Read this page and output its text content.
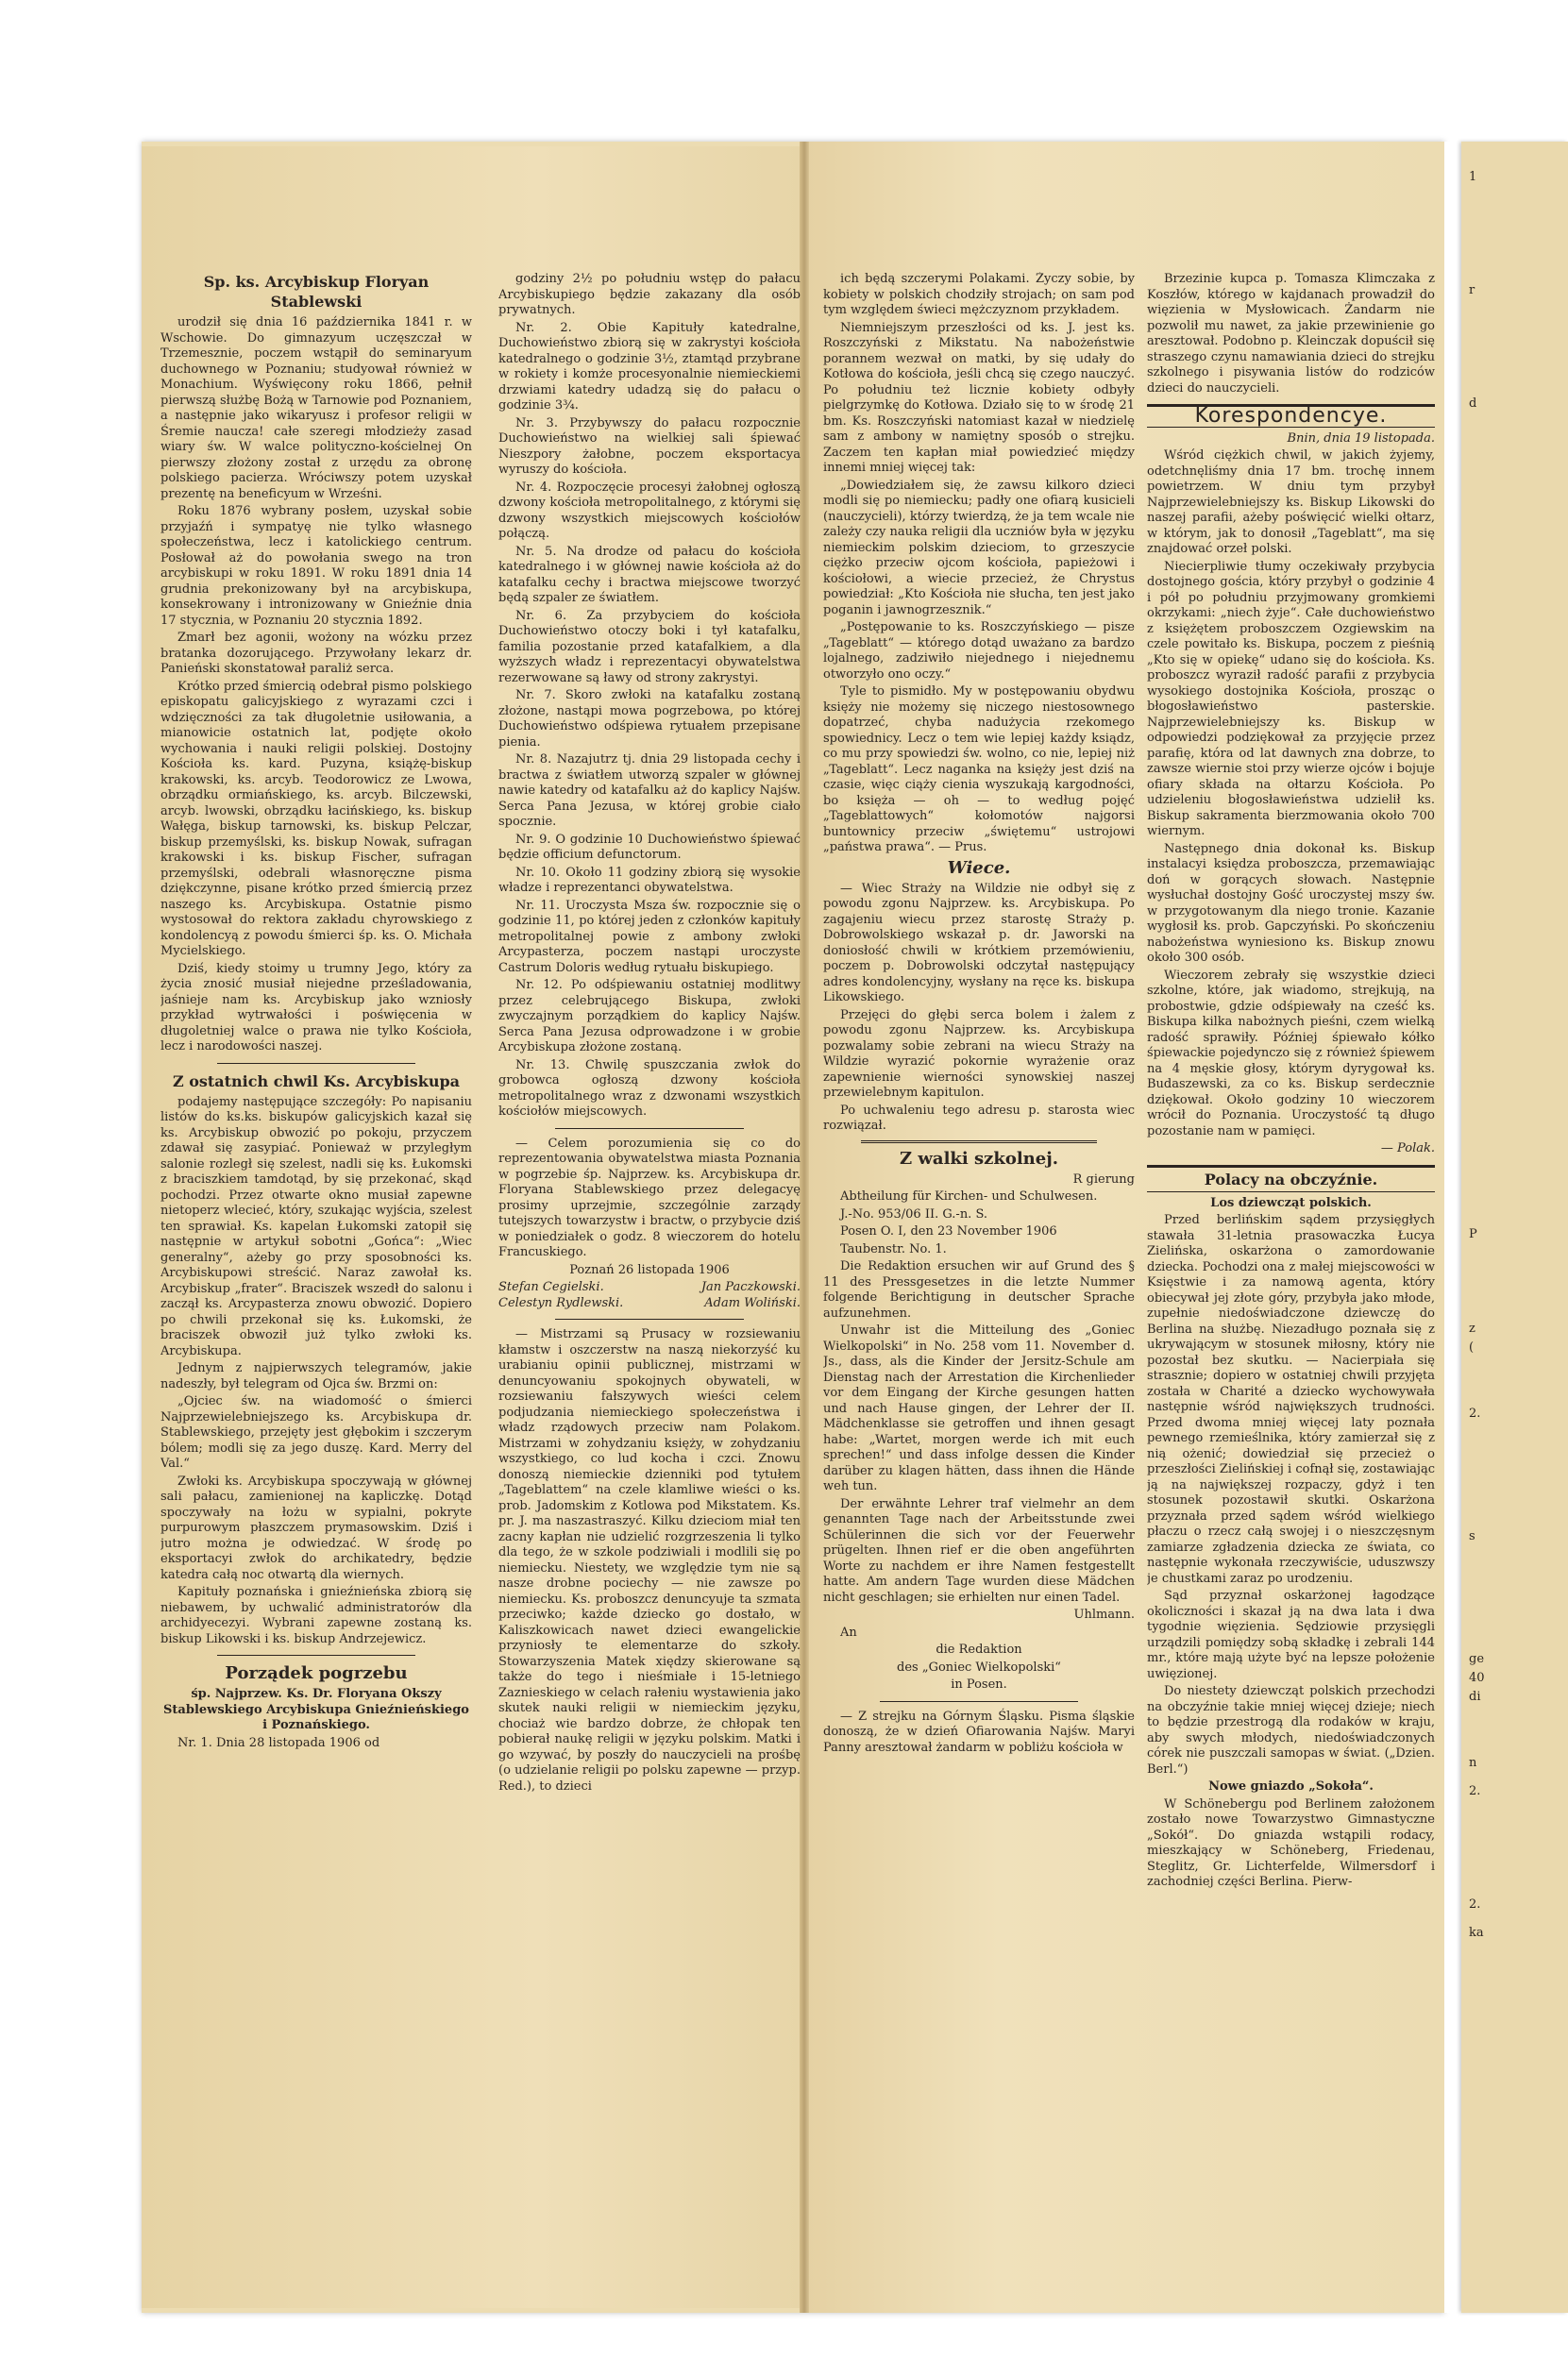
Sp. ks. Arcybiskup Floryan Stablewski

urodził się dnia 16 października 1841 r. w Wschowie. Do gimnazyum uczęszczał w Trzemesznie, poczem wstąpił do seminaryum duchownego w Poznaniu; studyował również w Monachium. Wyświęcony roku 1866, pełnił pierwszą służbę Bożą w Tarnowie pod Poznaniem, a następnie jako wikaryusz i profesor religii w Śremie naucza! całe szeregi młodzieży zasad wiary św. W walce polityczno-kościelnej On pierwszy złożony został z urzędu za obronę polskiego pacierza. Wróciwszy potem uzyskał prezentę na beneficyum w Wrześni.

Roku 1876 wybrany posłem, uzyskał sobie przyjaźń i sympatyę nie tylko własnego społeczeństwa, lecz i katolickiego centrum. Posłował aż do powołania swego na tron arcybiskupi w roku 1891. W roku 1891 dnia 14 grudnia prekonizowany był na arcybiskupa, konsekrowany i intronizowany w Gnieźnie dnia 17 stycznia, w Poznaniu 20 stycznia 1892.

Zmarł bez agonii, wożony na wózku przez bratanka dozorującego. Przywołany lekarz dr. Panieński skonstatował paraliż serca.

Krótko przed śmiercią odebrał pismo polskiego episkopatu galicyjskiego z wyrazami czci i wdzięczności za tak długoletnie usiłowania, a mianowicie ostatnich lat, podjęte około wychowania i nauki religii polskiej. Dostojny Kościoła ks. kard. Puzyna, książę-biskup krakowski, ks. arcyb. Teodorowicz ze Lwowa, obrządku ormiańskiego, ks. arcyb. Bilczewski, arcyb. lwowski, obrządku łacińskiego, ks. biskup Wałęga, biskup tarnowski, ks. biskup Pelczar, biskup przemyślski, ks. biskup Nowak, sufragan krakowski i ks. biskup Fischer, sufragan przemyślski, odebrali własnoręczne pisma dziękczynne, pisane krótko przed śmiercią przez naszego ks. Arcybiskupa. Ostatnie pismo wystosował do rektora zakładu chyrowskiego z kondolencyą z powodu śmierci śp. ks. O. Michała Mycielskiego.

Dziś, kiedy stoimy u trumny Jego, który za życia znosić musiał niejedne prześladowania, jaśnieje nam ks. Arcybiskup jako wzniosły przykład wytrwałości i poświęcenia w długoletniej walce o prawa nie tylko Kościoła, lecz i narodowości naszej.

Z ostatnich chwil Ks. Arcybiskupa

podajemy następujące szczegóły: Po napisaniu listów do ks.ks. biskupów galicyjskich kazał się ks. Arcybiskup obwozić po pokoju, przyczem zdawał się zasypiać. Ponieważ w przyległym salonie rozległ się szelest, nadli się ks. Łukomski z braciszkiem tamdotąd, by się przekonać, skąd pochodzi. Przez otwarte okno musiał zapewne nietoperz wlecieć, który, szukając wyjścia, szelest ten sprawiał. Ks. kapelan Łukomski zatopił się następnie w artykuł sobotni „Gońca“: „Wiec generalny“, ażeby go przy sposobności ks. Arcybiskupowi streścić. Naraz zawołał ks. Arcybiskup „frater“. Braciszek wszedł do salonu i zaczął ks. Arcypasterza znowu obwozić. Dopiero po chwili przekonał się ks. Łukomski, że braciszek obwoził już tylko zwłoki ks. Arcybiskupa.

Jednym z najpierwszych telegramów, jakie nadeszły, był telegram od Ojca św. Brzmi on:

„Ojciec św. na wiadomość o śmierci Najprzewielebniejszego ks. Arcybiskupa dr. Stablewskiego, przejęty jest głębokim i szczerym bólem; modli się za jego duszę. Kard. Merry del Val.“

Zwłoki ks. Arcybiskupa spoczywają w głównej sali pałacu, zamienionej na kapliczkę. Dotąd spoczywały na łożu w sypialni, pokryte purpurowym płaszczem prymasowskim. Dziś i jutro można je odwiedzać. W środę po eksportacyi zwłok do archikatedry, będzie katedra całą noc otwartą dla wiernych.

Kapituły poznańska i gnieźnieńska zbiorą się niebawem, by uchwalić administratorów dla archidyecezyi. Wybrani zapewne zostaną ks. biskup Likowski i ks. biskup Andrzejewicz.

Porządek pogrzebu

śp. Najprzew. Ks. Dr. Floryana Okszy Stablewskiego Arcybiskupa Gnieźnieńskiego i Poznańskiego.

Nr. 1. Dnia 28 listopada 1906 od

godziny 2½ po południu wstęp do pałacu Arcybiskupiego będzie zakazany dla osób prywatnych.

Nr. 2. Obie Kapituły katedralne, Duchowieństwo zbiorą się w zakrystyi kościoła katedralnego o godzinie 3½, ztamtąd przybrane w rokiety i komże procesyonalnie niemieckiemi drzwiami katedry udadzą się do pałacu o godzinie 3¾.

Nr. 3. Przybywszy do pałacu rozpocznie Duchowieństwo na wielkiej sali śpiewać Nieszpory żałobne, poczem eksportacya wyruszy do kościoła.

Nr. 4. Rozpoczęcie procesyi żałobnej ogłoszą dzwony kościoła metropolitalnego, z którymi się dzwony wszystkich miejscowych kościołów połączą.

Nr. 5. Na drodze od pałacu do kościoła katedralnego i w głównej nawie kościoła aż do katafalku cechy i bractwa miejscowe tworzyć będą szpaler ze światłem.

Nr. 6. Za przybyciem do kościoła Duchowieństwo otoczy boki i tył katafalku, familia pozostanie przed katafalkiem, a dla wyższych władz i reprezentacyi obywatelstwa rezerwowane są ławy od strony zakrystyi.

Nr. 7. Skoro zwłoki na katafalku zostaną złożone, nastąpi mowa pogrzebowa, po której Duchowieństwo odśpiewa rytuałem przepisane pienia.

Nr. 8. Nazajutrz tj. dnia 29 listopada cechy i bractwa z światłem utworzą szpaler w głównej nawie katedry od katafalku aż do kaplicy Najśw. Serca Pana Jezusa, w której grobie ciało spocznie.

Nr. 9. O godzinie 10 Duchowieństwo śpiewać będzie officium defunctorum.

Nr. 10. Około 11 godziny zbiorą się wysokie władze i reprezentanci obywatelstwa.

Nr. 11. Uroczysta Msza św. rozpocznie się o godzinie 11, po której jeden z członków kapituły metropolitalnej powie z ambony zwłoki Arcypasterza, poczem nastąpi uroczyste Castrum Doloris według rytuału biskupiego.

Nr. 12. Po odśpiewaniu ostatniej modlitwy przez celebrującego Biskupa, zwłoki zwyczajnym porządkiem do kaplicy Najśw. Serca Pana Jezusa odprowadzone i w grobie Arcybiskupa złożone zostaną.

Nr. 13. Chwilę spuszczania zwłok do grobowca ogłoszą dzwony kościoła metropolitalnego wraz z dzwonami wszystkich kościołów miejscowych.

— Celem porozumienia się co do reprezentowania obywatelstwa miasta Poznania w pogrzebie śp. Najprzew. ks. Arcybiskupa dr. Floryana Stablewskiego przez delegacyę prosimy uprzejmie, szczególnie zarządy tutejszych towarzystw i bractw, o przybycie dziś w poniedziałek o godz. 8 wieczorem do hotelu Francuskiego.

Poznań 26 listopada 1906

Stefan Cegielski.	Jan Paczkowski.
Celestyn Rydlewski.	Adam Woliński.

— Mistrzami są Prusacy w rozsiewaniu kłamstw i oszczerstw na naszą niekorzyść ku urabianiu opinii publicznej, mistrzami w denuncyowaniu spokojnych obywateli, w rozsiewaniu fałszywych wieści celem podjudzania niemieckiego społeczeństwa i władz rządowych przeciw nam Polakom. Mistrzami w zohydzaniu księży, w zohydzaniu wszystkiego, co lud kocha i czci. Znowu donoszą niemieckie dzienniki pod tytułem „Tageblattem“ na czele klamliwe wieści o ks. prob. Jadomskim z Kotlowa pod Mikstatem. Ks. pr. J. ma naszastraszyć. Kilku dzieciom miał ten zacny kapłan nie udzielić rozgrzeszenia li tylko dla tego, że w szkole podziwiali i modlili się po niemiecku. Niestety, we względzie tym nie są nasze drobne pociechy — nie zawsze po niemiecku. Ks. proboszcz denuncyuje ta szmata przeciwko; każde dziecko go dostało, w Kaliszkowicach nawet dzieci ewangelickie przyniosły te elementarze do szkoły. Stowarzyszenia Matek xiędzy skierowane są także do tego i nieśmiałe i 15-letniego Zaznieskiego w celach rałeniu wystawienia jako skutek nauki religii w niemieckim języku, chociaż wie bardzo dobrze, że chłopak ten pobierał naukę religii w języku polskim. Matki i go wzywać, by poszły do nauczycieli na prośbę (o udzielanie religii po polsku zapewne — przyp. Red.), to dzieci

ich będą szczerymi Polakami. Życzy sobie, by kobiety w polskich chodziły strojach; on sam pod tym względem świeci mężczyznom przykładem.

Niemniejszym przeszłości od ks. J. jest ks. Roszczyński z Mikstatu. Na nabożeństwie porannem wezwał on matki, by się udały do Kotłowa do kościoła, jeśli chcą się czego nauczyć. Po południu też licznie kobiety odbyły pielgrzymkę do Kotłowa. Działo się to w środę 21 bm. Ks. Roszczyński natomiast kazał w niedzielę sam z ambony w namiętny sposób o strejku. Zaczem ten kapłan miał powiedzieć między innemi mniej więcej tak:

„Dowiedziałem się, że zawsu kilkoro dzieci modli się po niemiecku; padły one ofiarą kusicieli (nauczycieli), którzy twierdzą, że ja tem wcale nie zależy czy nauka religii dla uczniów była w języku niemieckim polskim dzieciom, to grzeszycie ciężko przeciw ojcom kościoła, papieżowi i kościołowi, a wiecie przecież, że Chrystus powiedział: „Kto Kościoła nie słucha, ten jest jako poganin i jawnogrzesznik.“

„Postępowanie to ks. Roszczyńskiego — pisze „Tageblatt“ — którego dotąd uważano za bardzo lojalnego, zadziwiło niejednego i niejednemu otworzyło ono oczy.“

Tyle to pismidło. My w postępowaniu obydwu księży nie możemy się niczego niestosownego dopatrzeć, chyba nadużycia rzekomego spowiednicy. Lecz o tem wie lepiej każdy ksiądz, co mu przy spowiedzi św. wolno, co nie, lepiej niż „Tageblatt“. Lecz naganka na księży jest dziś na czasie, więc ciąży cienia wyszukają kargodności, bo księża — oh — to według pojęć „Tageblattowych“ kołomotów najgorsi buntownicy przeciw „świętemu“ ustrojowi „państwa prawa“. — Prus.

Wiece.

— Wiec Straży na Wildzie nie odbył się z powodu zgonu Najprzew. ks. Arcybiskupa. Po zagajeniu wiecu przez starostę Straży p. Dobrowolskiego wskazał p. dr. Jaworski na doniosłość chwili w krótkiem przemówieniu, poczem p. Dobrowolski odczytał następujący adres kondolencyjny, wysłany na ręce ks. biskupa Likowskiego.

Przejęci do głębi serca bolem i żalem z powodu zgonu Najprzew. ks. Arcybiskupa pozwalamy sobie zebrani na wiecu Straży na Wildzie wyrazić pokornie wyrażenie oraz zapewnienie wierności synowskiej naszej przewielebnym kapitulon.

Po uchwaleniu tego adresu p. starosta wiec rozwiązał.

Z walki szkolnej.

R gierung

Abtheilung für Kirchen- und Schulwesen.

J.-No. 953/06 II. G.-n. S.

Posen O. I, den 23 November 1906

Taubenstr. No. 1.

Die Redaktion ersuchen wir auf Grund des § 11 des Pressgesetzes in die letzte Nummer folgende Berichtigung in deutscher Sprache aufzunehmen.

Unwahr ist die Mitteilung des „Goniec Wielkopolski“ in No. 258 vom 11. November d. Js., dass, als die Kinder der Jersitz-Schule am Dienstag nach der Arrestation die Kirchenlieder vor dem Eingang der Kirche gesungen hatten und nach Hause gingen, der Lehrer der II. Mädchenklasse sie getroffen und ihnen gesagt habe: „Wartet, morgen werde ich mit euch sprechen!“ und dass infolge dessen die Kinder darüber zu klagen hätten, dass ihnen die Hände weh tun.

Der erwähnte Lehrer traf vielmehr an dem genannten Tage nach der Arbeitsstunde zwei Schülerinnen die sich vor der Feuerwehr prügelten. Ihnen rief er die oben angeführten Worte zu nachdem er ihre Namen festgestellt hatte. Am andern Tage wurden diese Mädchen nicht geschlagen; sie erhielten nur einen Tadel.

Uhlmann.

An

die Redaktion

des „Goniec Wielkopolski“

in Posen.

— Z strejku na Górnym Śląsku. Pisma śląskie donoszą, że w dzień Ofiarowania Najśw. Maryi Panny aresztował żandarm w pobliżu kościoła w

Brzezinie kupca p. Tomasza Klimczaka z Koszłów, którego w kajdanach prowadził do więzienia w Mysłowicach. Żandarm nie pozwolił mu nawet, za jakie przewinienie go aresztował. Podobno p. Kleinczak dopuścił się straszego czynu namawiania dzieci do strejku szkolnego i pisywania listów do rodziców dzieci do nauczycieli.

Korespondencye.

Bnin, dnia 19 listopada.

Wśród ciężkich chwil, w jakich żyjemy, odetchnęliśmy dnia 17 bm. trochę innem powietrzem. W dniu tym przybył Najprzewielebniejszy ks. Biskup Likowski do naszej parafii, ażeby poświęcić wielki ołtarz, w którym, jak to donosił „Tageblatt“, ma się znajdować orzeł polski.

Niecierpliwie tłumy oczekiwały przybycia dostojnego gościa, który przybył o godzinie 4 i pół po południu przyjmowany gromkiemi okrzykami: „niech żyje“. Całe duchowieństwo z księżętem proboszczem Ozgiewskim na czele powitało ks. Biskupa, poczem z pieśnią „Kto się w opiekę“ udano się do kościoła. Ks. proboszcz wyraził radość parafii z przybycia wysokiego dostojnika Kościoła, prosząc o błogosławieństwo pasterskie. Najprzewielebniejszy ks. Biskup w odpowiedzi podziękował za przyjęcie przez parafię, która od lat dawnych zna dobrze, to zawsze wiernie stoi przy wierze ojców i bojuje ofiary składa na ołtarzu Kościoła. Po udzieleniu błogosławieństwa udzielił ks. Biskup sakramenta bierzmowania około 700 wiernym.

Następnego dnia dokonał ks. Biskup instalacyi księdza proboszcza, przemawiając doń w gorących słowach. Następnie wysłuchał dostojny Gość uroczystej mszy św. w przygotowanym dla niego tronie. Kazanie wygłosił ks. prob. Gapczyński. Po skończeniu nabożeństwa wyniesiono ks. Biskup znowu około 300 osób.

Wieczorem zebrały się wszystkie dzieci szkolne, które, jak wiadomo, strejkują, na probostwie, gdzie odśpiewały na cześć ks. Biskupa kilka nabożnych pieśni, czem wielką radość sprawiły. Później śpiewało kółko śpiewackie pojedynczo się z również śpiewem na 4 męskie głosy, którym dyrygował ks. Budaszewski, za co ks. Biskup serdecznie dziękował. Około godziny 10 wieczorem wrócił do Poznania. Uroczystość tą długo pozostanie nam w pamięci.

— Polak.

Polacy na obczyźnie.

Los dziewcząt polskich.

Przed berlińskim sądem przysięgłych stawała 31-letnia prasowaczka Łucya Zielińska, oskarżona o zamordowanie dziecka. Pochodzi ona z małej miejscowości w Księstwie i za namową agenta, który obiecywał jej złote góry, przybyła jako młode, zupełnie niedoświadczone dziewczę do Berlina na służbę. Niezadługo poznała się z ukrywającym w stosunek miłosny, który nie pozostał bez skutku. — Nacierpiała się strasznie; dopiero w ostatniej chwili przyjęta została w Charité a dziecko wychowywała następnie wśród największych trudności. Przed dwoma mniej więcej laty poznała pewnego rzemieślnika, który zamierzał się z nią ożenić; dowiedział się przecież o przeszłości Zielińskiej i cofnął się, zostawiając ją na największej rozpaczy, gdyż i ten stosunek pozostawił skutki. Oskarżona przyznała przed sądem wśród wielkiego płaczu o rzecz całą swojej i o nieszczęsnym zamiarze zgładzenia dziecka ze świata, co następnie wykonała rzeczywiście, uduszwszy je chustkami zaraz po urodzeniu.

Sąd przyznał oskarżonej łagodzące okoliczności i skazał ją na dwa lata i dwa tygodnie więzienia. Sędziowie przysięgli urządzili pomiędzy sobą składkę i zebrali 144 mr., które mają użyte być na lepsze położenie uwięzionej.

Do niestety dziewcząt polskich przechodzi na obczyźnie takie mniej więcej dzieje; niech to będzie przestrogą dla rodaków w kraju, aby swych młodych, niedoświadczonych córek nie puszczali samopas w świat. („Dzien. Berl.“)

Nowe gniazdo „Sokoła“.

W Schönebergu pod Berlinem założonem zostało nowe Towarzystwo Gimnastyczne „Sokół“. Do gniazda wstąpili rodacy, mieszkający w Schöneberg, Friedenau, Steglitz, Gr. Lichterfelde, Wilmersdorf i zachodniej części Berlina. Pierw-

1
r
d
P
z
(
2.
s
ge
40
di
n
2.
2.
ka
